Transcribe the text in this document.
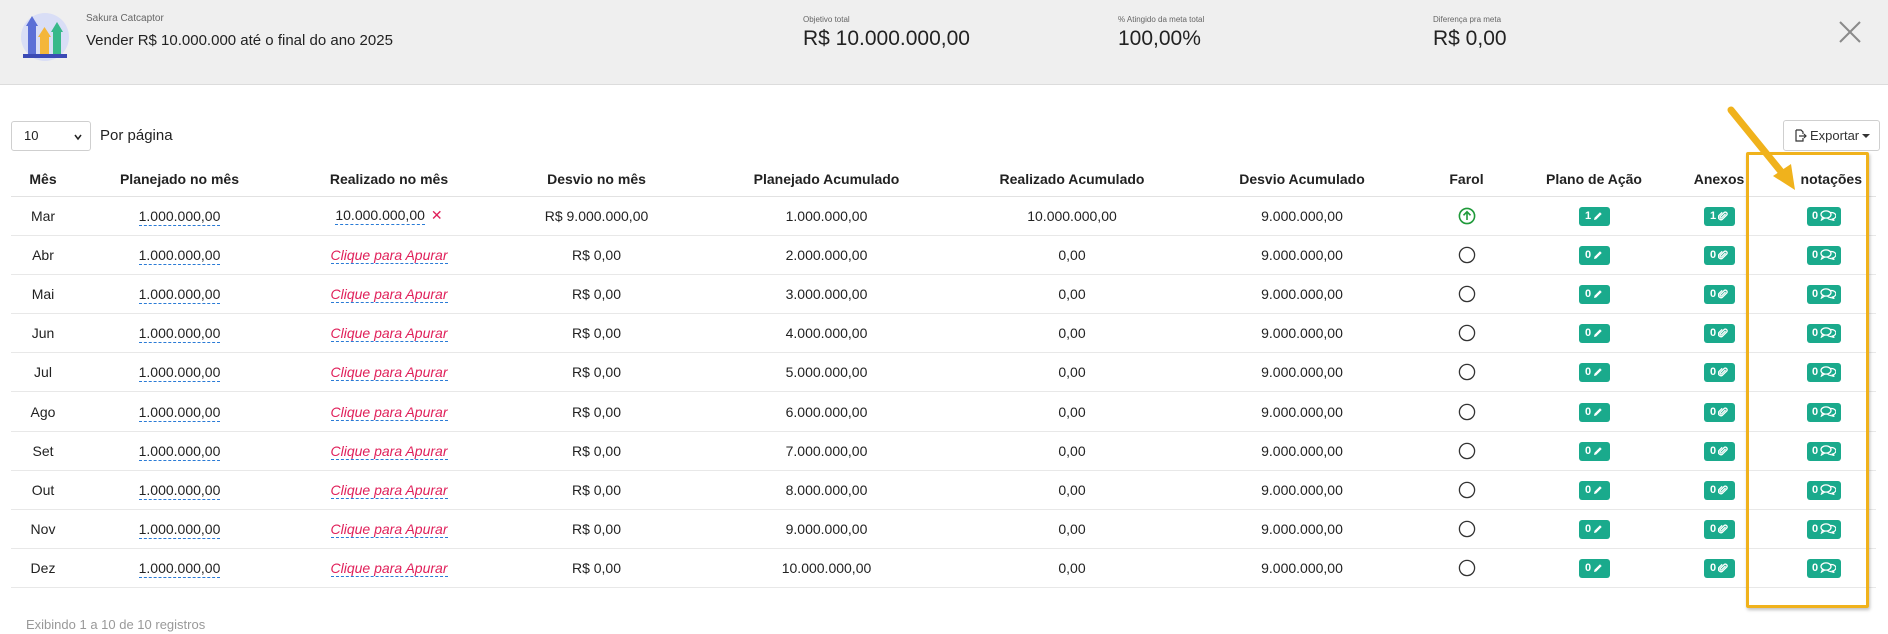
Sakura Catcaptor
Vender R$ 10.000.000 até o final do ano 2025
Objetivo total
R$ 10.000.000,00
% Atingido da meta total
100,00%
Diferença pra meta
R$ 0,00
10	Por página	Exportar
Mês	Planejado no mês	Realizado no mês	Desvio no mês	Planejado Acumulado	Realizado Acumulado	Desvio Acumulado	Farol	Plano de Ação	Anexos	notações
Mar	1.000.000,00	10.000.000,00 ✕	R$ 9.000.000,00	1.000.000,00	10.000.000,00	9.000.000,00		1	1	0
Abr	1.000.000,00	Clique para Apurar	R$ 0,00	2.000.000,00	0,00	9.000.000,00		0	0	0
Mai	1.000.000,00	Clique para Apurar	R$ 0,00	3.000.000,00	0,00	9.000.000,00		0	0	0
Jun	1.000.000,00	Clique para Apurar	R$ 0,00	4.000.000,00	0,00	9.000.000,00		0	0	0
Jul	1.000.000,00	Clique para Apurar	R$ 0,00	5.000.000,00	0,00	9.000.000,00		0	0	0
Ago	1.000.000,00	Clique para Apurar	R$ 0,00	6.000.000,00	0,00	9.000.000,00		0	0	0
Set	1.000.000,00	Clique para Apurar	R$ 0,00	7.000.000,00	0,00	9.000.000,00		0	0	0
Out	1.000.000,00	Clique para Apurar	R$ 0,00	8.000.000,00	0,00	9.000.000,00		0	0	0
Nov	1.000.000,00	Clique para Apurar	R$ 0,00	9.000.000,00	0,00	9.000.000,00		0	0	0
Dez	1.000.000,00	Clique para Apurar	R$ 0,00	10.000.000,00	0,00	9.000.000,00		0	0	0
Exibindo 1 a 10 de 10 registros
